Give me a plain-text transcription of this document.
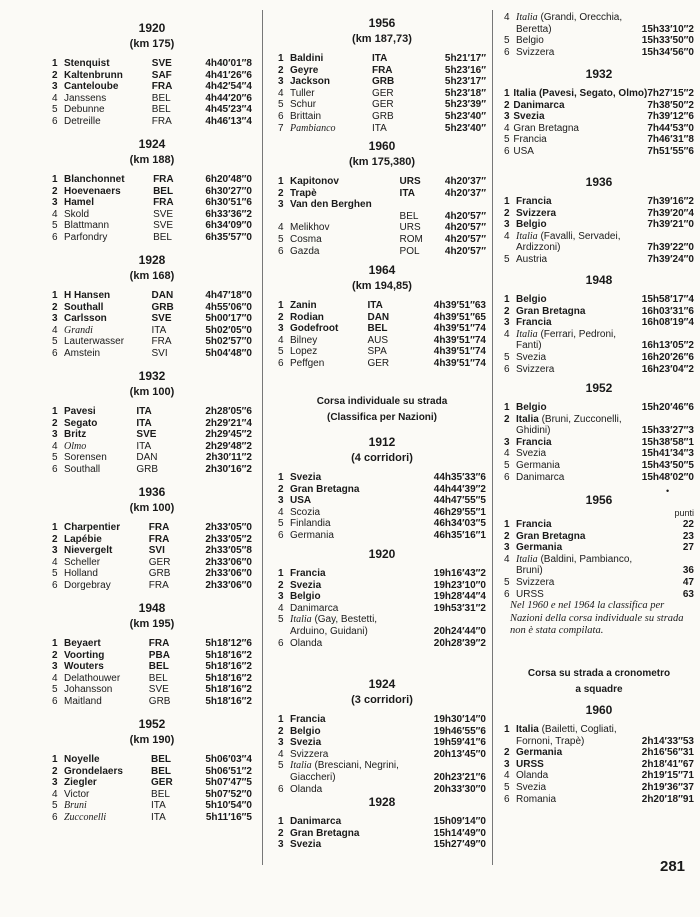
1920
(km 175)
1	Stenquist	SVE	4h40′01″8
2	Kaltenbrunn	SAF	4h41′26″6
3	Canteloube	FRA	4h42′54″4
4	Janssens	BEL	4h44′20″6
5	Debunne	BEL	4h45′23″4
6	Detreille	FRA	4h46′13″4
1924
(km 188)
1	Blanchonnet	FRA	6h20′48″0
2	Hoevenaers	BEL	6h30′27″0
3	Hamel	FRA	6h30′51″6
4	Skold	SVE	6h33′36″2
5	Blattmann	SVE	6h34′09″0
6	Parfondry	BEL	6h35′57″0
1928
(km 168)
1	H Hansen	DAN	4h47′18″0
2	Southall	GRB	4h55′06″0
3	Carlsson	SVE	5h00′17″0
4	Grandi	ITA	5h02′05″0
5	Lauterwasser	FRA	5h02′57″0
6	Amstein	SVI	5h04′48″0
1932
(km 100)
1	Pavesi	ITA	2h28′05″6
2	Segato	ITA	2h29′21″4
3	Britz	SVE	2h29′45″2
4	Olmo	ITA	2h29′48″2
5	Sorensen	DAN	2h30′11″2
6	Southall	GRB	2h30′16″2
1936
(km 100)
1	Charpentier	FRA	2h33′05″0
2	Lapébie	FRA	2h33′05″2
3	Nievergelt	SVI	2h33′05″8
4	Scheller	GER	2h33′06″0
5	Holland	GRB	2h33′06″0
6	Dorgebray	FRA	2h33′06″0
1948
(km 195)
1	Beyaert	FRA	5h18′12″6
2	Voorting	PBA	5h18′16″2
3	Wouters	BEL	5h18′16″2
4	Delathouwer	BEL	5h18′16″2
5	Johansson	SVE	5h18′16″2
6	Maitland	GRB	5h18′16″2
1952
(km 190)
1	Noyelle	BEL	5h06′03″4
2	Grondelaers	BEL	5h06′51″2
3	Ziegler	GER	5h07′47″5
4	Victor	BEL	5h07′52″0
5	Bruni	ITA	5h10′54″0
6	Zucconelli	ITA	5h11′16″5
1956
(km 187,73)
1	Baldini	ITA	5h21′17″
2	Geyre	FRA	5h23′16″
3	Jackson	GRB	5h23′17″
4	Tuller	GER	5h23′18″
5	Schur	GER	5h23′39″
6	Brittain	GRB	5h23′40″
7	Pambianco	ITA	5h23′40″
1960
(km 175,380)
1	Kapitonov	URS	4h20′37″
2	Trapè	ITA	4h20′37″
3	Van den Berghen		
		BEL	4h20′57″
4	Melikhov	URS	4h20′57″
5	Cosma	ROM	4h20′57″
6	Gazda	POL	4h20′57″
1964
(km 194,85)
1	Zanin	ITA	4h39′51″63
2	Rodian	DAN	4h39′51″65
3	Godefroot	BEL	4h39′51″74
4	Bilney	AUS	4h39′51″74
5	Lopez	SPA	4h39′51″74
6	Peffgen	GER	4h39′51″74
Corsa individuale su strada
(Classifica per Nazioni)
1912
(4 corridori)
1	Svezia	44h35′33″6
2	Gran Bretagna	44h44′39″2
3	USA	44h47′55″5
4	Scozia	46h29′55″1
5	Finlandia	46h34′03″5
6	Germania	46h35′16″1
1920
1	Francia	19h16′43″2
2	Svezia	19h23′10″0
3	Belgio	19h28′44″4
4	Danimarca	19h53′31″2
5	Italia (Gay, Bestetti, Arduino, Guidani)	20h24′44″0
6	Olanda	20h28′39″2
1924
(3 corridori)
1	Francia	19h30′14″0
2	Belgio	19h46′55″6
3	Svezia	19h59′41″6
4	Svizzera	20h13′45″0
5	Italia (Bresciani, Negrini, Giaccheri)	20h23′21″6
6	Olanda	20h33′30″0
1928
1	Danimarca	15h09′14″0
2	Gran Bretagna	15h14′49″0
3	Svezia	15h27′49″0
4	Italia (Grandi, Orecchia, Beretta)	15h33′10″2
5	Belgio	15h33′50″0
6	Svizzera	15h34′56″0
1932
1	Italia (Pavesi, Segato, Olmo)	7h27′15″2
2	Danimarca	7h38′50″2
3	Svezia	7h39′12″6
4	Gran Bretagna	7h44′53″0
5	Francia	7h46′31″8
6	USA	7h51′55″6
1936
1	Francia	7h39′16″2
2	Svizzera	7h39′20″4
3	Belgio	7h39′21″0
4	Italia (Favalli, Servadei, Ardizzoni)	7h39′22″0
5	Austria	7h39′24″0
1948
1	Belgio	15h58′17″4
2	Gran Bretagna	16h03′31″6
3	Francia	16h08′19″4
4	Italia (Ferrari, Pedroni, Fanti)	16h13′05″2
5	Svezia	16h20′26″6
6	Svizzera	16h23′04″2
1952
1	Belgio	15h20′46″6
2	Italia (Bruni, Zucconelli, Ghidini)	15h33′27″3
3	Francia	15h38′58″1
4	Svezia	15h41′34″3
5	Germania	15h43′50″5
6	Danimarca	15h48′02″0
1956
punti
1	Francia	22
2	Gran Bretagna	23
3	Germania	27
4	Italia (Baldini, Pambianco, Bruni)	36
5	Svizzera	47
6	URSS	63
Corsa su strada a cronometro
a squadre
1960
1	Italia (Bailetti, Cogliati, Fornoni, Trapè)	2h14′33″53
2	Germania	2h16′56″31
3	URSS	2h18′41″67
4	Olanda	2h19′15″71
5	Svezia	2h19′36″37
6	Romania	2h20′18″91
Nel 1960 e nel 1964 la classifica per Nazioni della corsa individuale su strada non è stata compilata.
•
281
